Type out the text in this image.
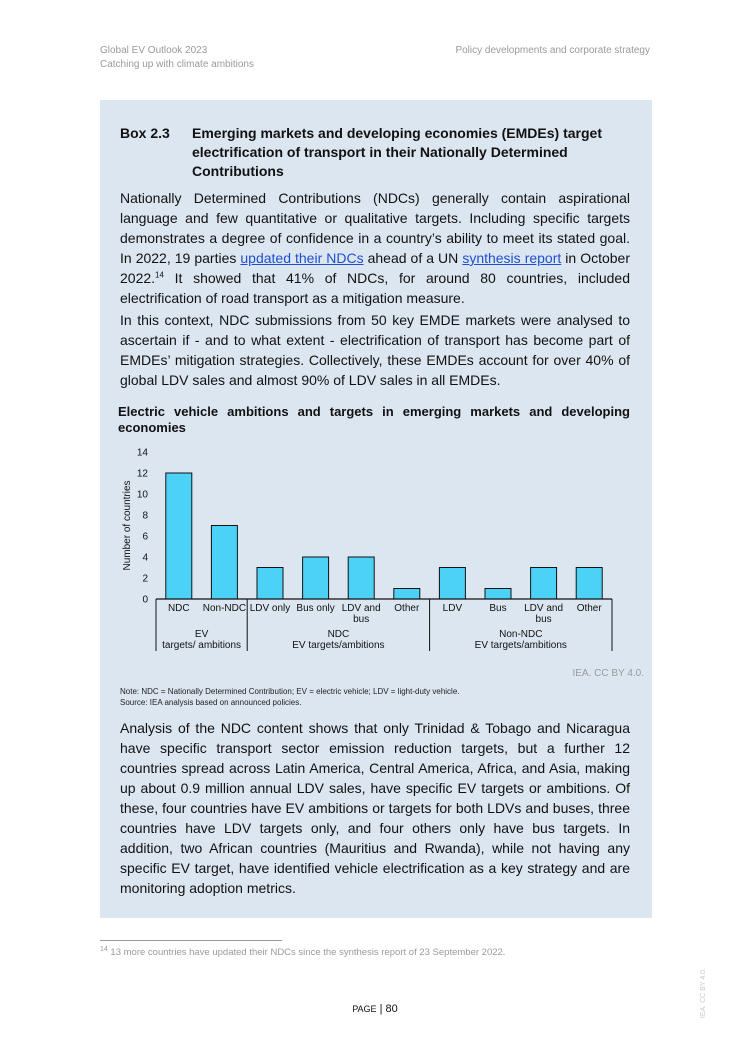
Global EV Outlook 2023
Catching up with climate ambitions
Policy developments and corporate strategy
Box 2.3 Emerging markets and developing economies (EMDEs) target electrification of transport in their Nationally Determined Contributions
Nationally Determined Contributions (NDCs) generally contain aspirational language and few quantitative or qualitative targets. Including specific targets demonstrates a degree of confidence in a country’s ability to meet its stated goal. In 2022, 19 parties updated their NDCs ahead of a UN synthesis report in October 2022.14 It showed that 41% of NDCs, for around 80 countries, included electrification of road transport as a mitigation measure.
In this context, NDC submissions from 50 key EMDE markets were analysed to ascertain if - and to what extent - electrification of transport has become part of EMDEs’ mitigation strategies. Collectively, these EMDEs account for over 40% of global LDV sales and almost 90% of LDV sales in all EMDEs.
Electric vehicle ambitions and targets in emerging markets and developing economies
Number of countries
0
2
4
6
8
10
12
14
NDC Non-NDC LDV only Bus only LDV and bus
Other LDV	Bus LDV and bus
Other
EV targets/ ambitions
NDC EV targets/ambitions
Non-NDC EV targets/ambitions
IEA. CC BY 4.0.
Note: NDC = Nationally Determined Contribution; EV = electric vehicle; LDV = light-duty vehicle.
Source: IEA analysis based on announced policies.
Analysis of the NDC content shows that only Trinidad & Tobago and Nicaragua have specific transport sector emission reduction targets, but a further 12 countries spread across Latin America, Central America, Africa, and Asia, making up about 0.9 million annual LDV sales, have specific EV targets or ambitions. Of these, four countries have EV ambitions or targets for both LDVs and buses, three countries have LDV targets only, and four others only have bus targets. In addition, two African countries (Mauritius and Rwanda), while not having any specific EV target, have identified vehicle electrification as a key strategy and are monitoring adoption metrics.
$^{14}$ 13 more countries have updated their NDCs since the synthesis report of 23 September 2022.
IEA. CC BY 4.0.
PAGE | 80
